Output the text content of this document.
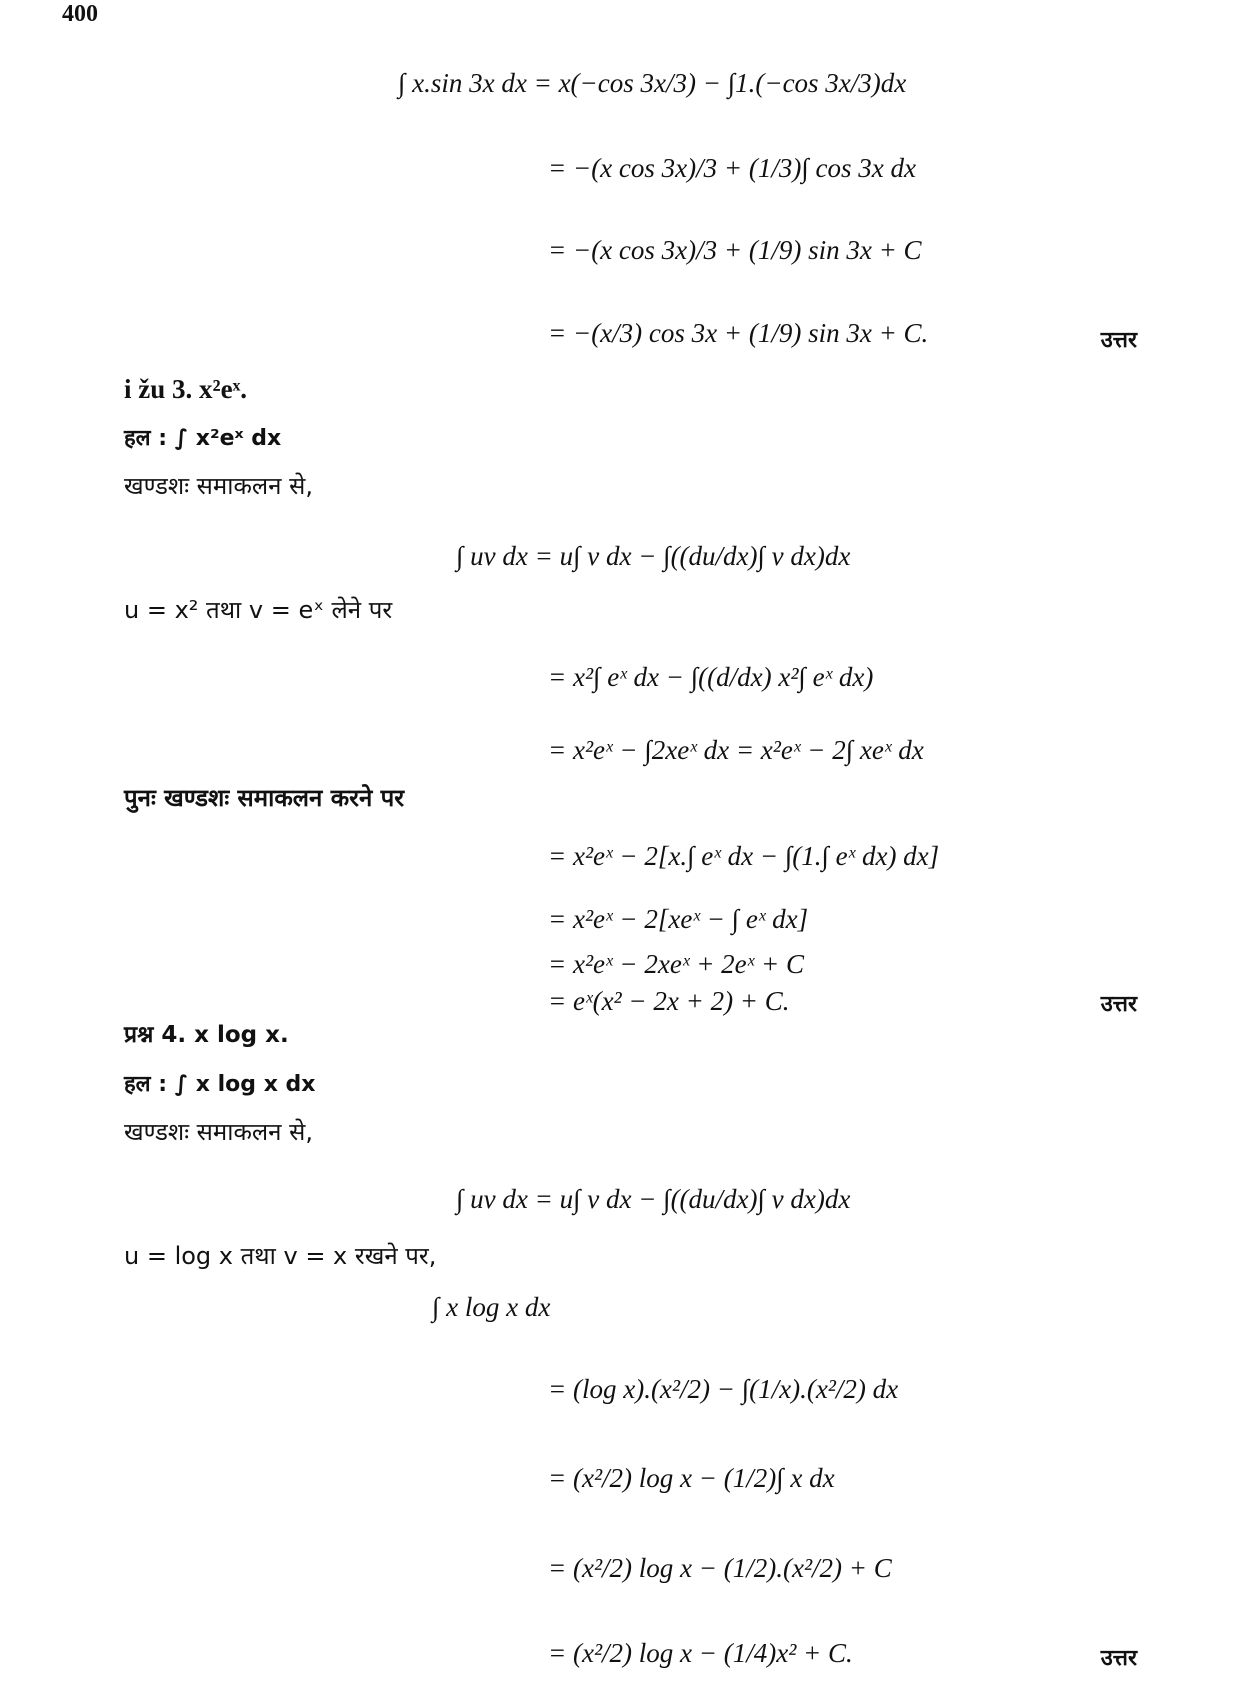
400
∫ x.sin 3x dx = x(−cos 3x/3) − ∫1.(−cos 3x/3)dx
= −(x cos 3x)/3 + (1/3)∫ cos 3x dx
= −(x cos 3x)/3 + (1/9) sin 3x + C
= −(x/3) cos 3x + (1/9) sin 3x + C.	उत्तर
i žu 3. x²eˣ.
हल : ∫ x²eˣ dx
खण्डशः समाकलन से,
∫ uv dx = u∫ v dx − ∫((du/dx)∫ v dx)dx
u = x² तथा v = eˣ लेने पर
= x²∫ eˣ dx − ∫((d/dx) x²∫ eˣ dx)
= x²eˣ − ∫2xeˣ dx = x²eˣ − 2∫ xeˣ dx
पुनः खण्डशः समाकलन करने पर
= x²eˣ − 2[x.∫ eˣ dx − ∫(1.∫ eˣ dx) dx]
= x²eˣ − 2[xeˣ − ∫ eˣ dx]
= x²eˣ − 2xeˣ + 2eˣ + C
= eˣ(x² − 2x + 2) + C.	उत्तर
प्रश्न 4. x log x.
हल : ∫ x log x dx
खण्डशः समाकलन से,
∫ uv dx = u∫ v dx − ∫((du/dx)∫ v dx)dx
u = log x तथा v = x रखने पर,
∫ x log x dx
= (log x).(x²/2) − ∫(1/x).(x²/2) dx
= (x²/2) log x − (1/2)∫ x dx
= (x²/2) log x − (1/2).(x²/2) + C
= (x²/2) log x − (1/4)x² + C.	उत्तर
